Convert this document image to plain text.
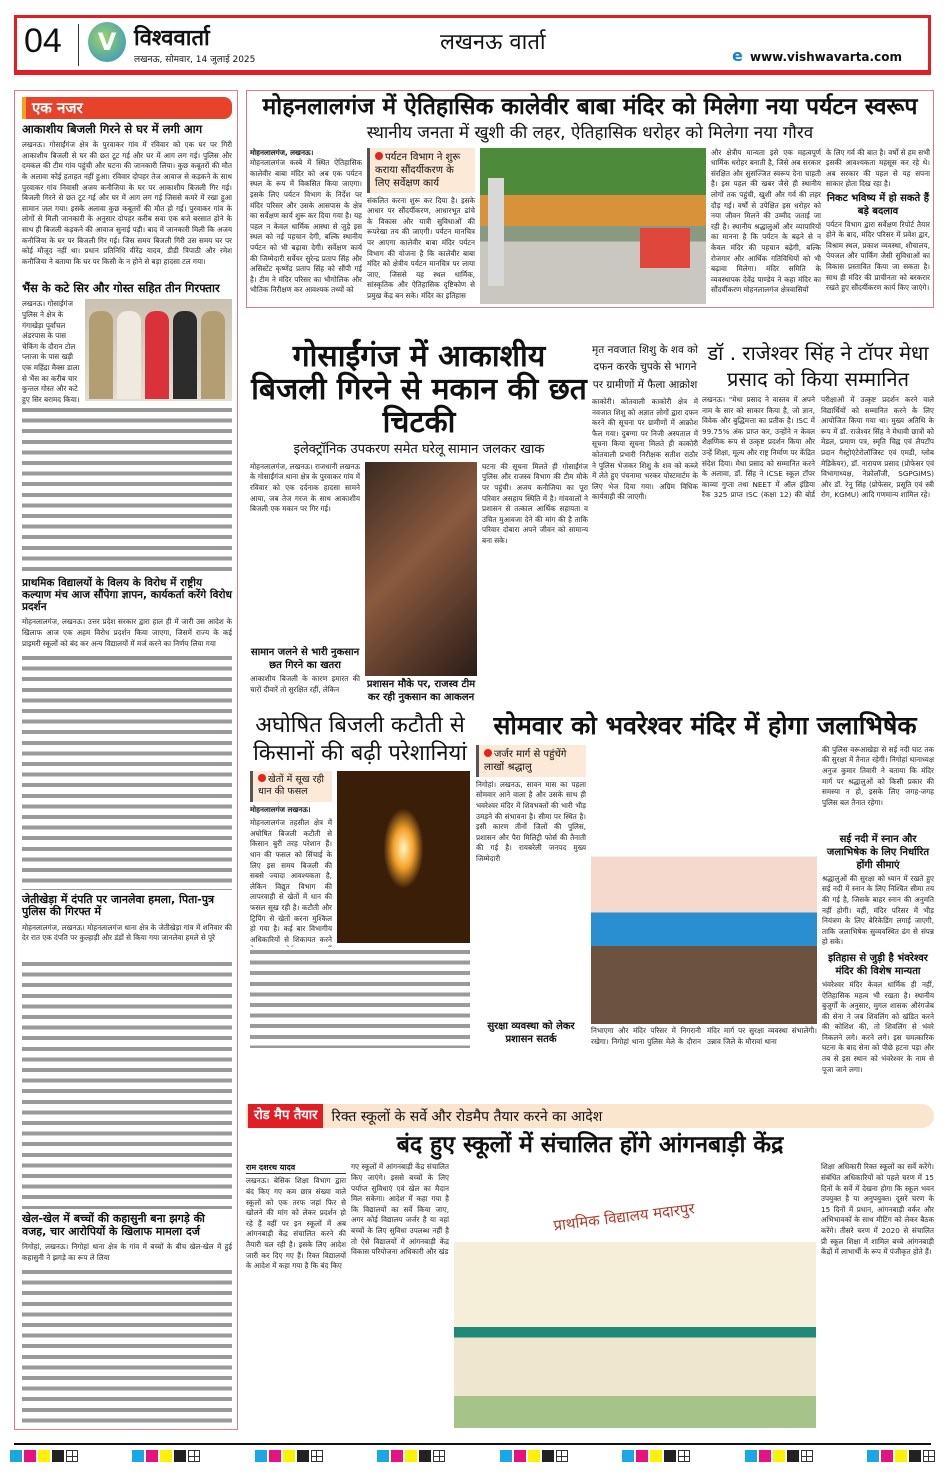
04	V विश्ववार्ता
लखनऊ, सोमवार, 14 जुलाई 2025
लखनऊ वार्ता
e www.vishwavarta.com
एक नजर
आकाशीय बिजली गिरने से घर में लगी आग
लखनऊ। गोसाईंगंज क्षेत्र के पुरवाकर गांव में रविवार को एक घर पर गिरी आकाशीय बिजली से घर की छत टूट गई और घर में आग लग गई। पुलिस और दमकल की टीम गांव पहुंची और घटना की जानकारी लिया। कुछ कबूतरों की मौत के अलावा कोई हताहत नहीं हुआ। रविवार दोपहर तेज आवाज से कड़कने के साथ पुरवाकर गांव निवासी अजय कनौजिया के घर पर आकाशीय बिजली गिर गई। बिजली गिरने से छत टूट गई और घर में आग लग गई जिससे कमरे में रखा हुआ सामान जल गया। इसके अलावा कुछ कबूतरों की मौत हो गई। पुरवाकर गांव के लोगों से मिली जानकारी के अनुसार दोपहर करीब सवा एक बजे बरसात होने के साथ ही बिजली कड़कने की आवाज सुनाई पड़ी। बाद में जानकारी मिली कि अजय कनौजिया के घर पर बिजली गिर गई। जिस समय बिजली गिरी उस समय घर पर कोई मौजूद नहीं था। प्रधान प्रतिनिधि वीरेंद्र यादव, डीडी त्रिपाठी और रमेश कनौजिया ने बताया कि घर पर किसी के न होने से बड़ा हादसा टल गया।
भैंस के कटे सिर और गोस्त सहित तीन गिरफ्तार
लखनऊ। गोसाईगंज पुलिस ने क्षेत्र के गंगाखेड़ा पूर्वांचल अंडरपास के पास चेकिंग के दौरान टोल प्लाजा के पास खड़ी एक महिंद्रा मैक्स डाला से भैंस का करीब चार कुन्तल गोस्त और कटे हुए सिर बरामद किया।
प्राथमिक विद्यालयों के विलय के विरोध में राष्ट्रीय कल्याण मंच आज सौंपेगा ज्ञापन, कार्यकर्ता करेंगे विरोध प्रदर्शन
मोहनलालगंज, लखनऊ। उत्तर प्रदेश सरकार द्वारा हाल ही में जारी उस आदेश के खिलाफ आज एक अहम विरोध प्रदर्शन किया जाएगा, जिसमें राज्य के कई प्राइमरी स्कूलों को बंद कर अन्य विद्यालयों में मर्ज करने का निर्णय लिया गया
जेतीखेड़ा में दंपति पर जानलेवा हमला, पिता-पुत्र पुलिस की गिरफ्त में
मोहनलालगंज, लखनऊ। मोहनलालगंज थाना क्षेत्र के जेतीखेड़ा गांव में शनिवार की देर रात एक दंपति पर कुल्हाड़ी और डंडों से किया गया जानलेवा हमले से पूरे
खेल-खेल में बच्चों की कहासुनी बना झगड़े की वजह, चार आरोपियों के खिलाफ मामला दर्ज
निगोहां, लखनऊ। निगोहां थाना क्षेत्र के गांव में बच्चों के बीच खेल-खेल में हुई कहासुनी ने झगड़े का रूप ले लिया
मोहनलालगंज में ऐतिहासिक कालेवीर बाबा मंदिर को मिलेगा नया पर्यटन स्वरूप
स्थानीय जनता में खुशी की लहर, ऐतिहासिक धरोहर को मिलेगा नया गौरव
मोहनलालगंज, लखनऊ।
मोहनलालगंज कस्बे में स्थित ऐतिहासिक कालेवीर बाबा मंदिर को अब एक पर्यटन स्थल के रूप में विकसित किया जाएगा। इसके लिए पर्यटन विभाग के निर्देश पर मंदिर परिसर और उसके आसपास के क्षेत्र का सर्वेक्षण कार्य शुरू कर दिया गया है। यह पहल न केवल धार्मिक आस्था से जुड़े इस स्थल को नई पहचान देगी, बल्कि स्थानीय पर्यटन को भी बढ़ावा देगी। सर्वेक्षण कार्य की जिम्मेदारी सर्वेयर सुरेन्द्र प्रताप सिंह और असिस्टेंट कृष्णेंद्र प्रताप सिंह को सौंपी गई है। टीम ने मंदिर परिसर का भौगोलिक और भौतिक निरीक्षण कर आवश्यक तथ्यों को
पर्यटन विभाग ने शुरू कराया सौंदर्यीकरण के लिए सर्वेक्षण कार्य
संकलित करना शुरू कर दिया है। इसके आधार पर सौंदर्यीकरण, आधारभूत ढांचे के विकास और यात्री सुविधाओं की रूपरेखा तय की जाएगी। पर्यटन मानचित्र पर आएगा कालेवीर बाबा मंदिर पर्यटन विभाग की योजना है कि कालेवीर बाबा मंदिर को क्षेत्रीय पर्यटन मानचित्र पर लाया जाए, जिससे यह स्थल धार्मिक, सांस्कृतिक और ऐतिहासिक दृष्टिकोण से प्रमुख केंद्र बन सके। मंदिर का इतिहास
और क्षेत्रीय मान्यता इसे एक महत्वपूर्ण धार्मिक धरोहर बनाती है, जिसे अब सरकार संरक्षित और सुसज्जित स्वरूप देना चाहती है। इस पहल की खबर जैसे ही स्थानीय लोगों तक पहुंची, खुशी और गर्व की लहर दौड़ गई। वर्षों से उपेक्षित इस धरोहर को नया जीवन मिलने की उम्मीद जताई जा रही है। स्थानीय श्रद्धालुओं और व्यापारियों का मानना है कि पर्यटन के बढ़ने से न केवल मंदिर की पहचान बढ़ेगी, बल्कि रोजगार और आर्थिक गतिविधियों को भी बढ़ावा मिलेगा। मंदिर समिति के व्यवस्थापक देवेंद्र पाण्डेय ने कहा मंदिर का सौंदर्यीकरण मोहनलालगंज क्षेत्रवासियों
के लिए गर्व की बात है। वर्षों से हम सभी इसकी आवश्यकता महसूस कर रहे थे। अब सरकार की पहल से यह सपना साकार होता दिख रहा है।
निकट भविष्य में हो सकते हैं बड़े बदलाव
पर्यटन विभाग द्वारा सर्वेक्षण रिपोर्ट तैयार होने के बाद, मंदिर परिसर में प्रवेश द्वार, विश्राम स्थल, प्रकाश व्यवस्था, शौचालय, पेयजल और पार्किंग जैसी सुविधाओं का विकास प्रस्तावित किया जा सकता है। साथ ही मंदिर की प्राचीनता को बरकरार रखते हुए सौंदर्यीकरण कार्य किए जाएंगे।
गोसाईंगंज में आकाशीय बिजली गिरने से मकान की छत चिटकी
इलेक्ट्रॉनिक उपकरण समेत घरेलू सामान जलकर खाक
मोहनलालगंज, लखनऊ। राजधानी लखनऊ के गोसाईंगंज थाना क्षेत्र के पुरवाकर गांव में रविवार को एक दर्दनाक हादसा सामने आया, जब तेज गरज के साथ आकाशीय बिजली एक मकान पर गिर गई।
सामान जलने से भारी नुकसान छत गिरने का खतरा
आकाशीय बिजली के कारण इमारत की चारों दीवारें तो सुरक्षित रहीं, लेकिन	प्रशासन मौके पर, राजस्व टीम कर रही नुकसान का आकलन
घटना की सूचना मिलते ही गोसाईंगंज पुलिस और राजस्व विभाग की टीम मौके पर पहुंची। अजय कनौजिया का पूरा परिवार असहाय स्थिति में है। गांववालों ने प्रशासन से तत्काल आर्थिक सहायता व उचित मुआवजा देने की मांग की है ताकि परिवार दोबारा अपने जीवन को सामान्य बना सके।
मृत नवजात शिशु के शव को दफन करके चुपके से भागने पर ग्रामीणों में फैला आक्रोश
काकोरी। कोतवाली काकोरी क्षेत्र में नवजात शिशु को अज्ञात लोगों द्वारा दफन करने की सूचना पर ग्रामीणों में आक्रोश फैल गया। दुबग्गा पर निजी अस्पताल में सूचना किया सूचना मिलते ही काकोरी कोतवाली प्रभारी निरीक्षक सतीश राठौर ने पुलिस भेजकर शिशु के शव को कब्जे में लेते हुए पंचनामा भरकर पोस्टमार्टम के लिए भेज दिया गया। अग्रिम विधिक कार्यवाही की जाएगी।
डॉ . राजेश्वर सिंह ने टॉपर मेधा प्रसाद को किया सम्मानित
लखनऊ। "मेधा प्रसाद ने वास्तव में अपने नाम के सार को साकार किया है, जो ज्ञान, विवेक और बुद्धिमत्ता का प्रतीक है। ISC में 99.75% अंक प्राप्त कर, उन्होंने न केवल शैक्षणिक रूप से उत्कृष्ट प्रदर्शन किया और उन्हें शिक्षा, मूल्य और राष्ट्र निर्माण पर केंद्रित संदेश दिया। मेधा प्रसाद को सम्मानित करने के अलावा, डॉ. सिंह ने ICSE स्कूल टॉपर काव्या गुप्ता तथा NEET में ऑल इंडिया रैंक 325 प्राप्त ISC (कक्षा 12) की बोर्ड परीक्षाओं में उत्कृष्ट प्रदर्शन करने वाले विद्यार्थियों को सम्मानित करने के लिए आयोजित किया गया था। मुख्य अतिथि के रूप में डॉ. राजेश्वर सिंह ने मेधावी छात्रों को मेडल, प्रमाण पत्र, स्मृति चिह्न एवं लैपटॉप प्रदान गैस्ट्रोएंटेरोलॉजिस्ट एवं एमडी, ग्लोब मेडिकेयर), डॉ. नारायण प्रसाद (प्रोफेसर एवं विभागाध्यक्ष, नेफ्रोलॉजी, SGPGIMS) और डॉ. रेनू सिंह (प्रोफेसर, प्रसूति एवं स्त्री रोग, KGMU) आदि गणमान्य शामिल रहे।
अघोषित बिजली कटौती से किसानों की बढ़ी परेशानियां
खेतों में सूख रही धान की फसल
मोहनलालगंज लखनऊ।
मोहनलालगंज तहसील क्षेत्र में अघोषित बिजली कटौती से किसान बुरी तरह परेशान हैं। धान की फसल को सिंचाई के लिए इस समय बिजली की सबसे ज्यादा आवश्यकता है, लेकिन विद्युत विभाग की लापरवाही से खेतों में धान की फसल सूख रही है। कटौती और ट्रिपिंग से खेतों करना मुश्किल हो गया है। कई बार विभागीय अधिकारियों से शिकायत करने
सोमवार को भवरेश्वर मंदिर में होगा जलाभिषेक
जर्जर मार्ग से पहुंचेंगे लाखों श्रद्धालु
निगोहां। लखनऊ, सावन मास का पहला सोमवार आने वाला है और उसके साथ ही भवरेश्वर मंदिर में शिवभक्तों की भारी भीड़ उमड़ने की संभावना है। सीमा पर स्थित है। इसी कारण तीनों जिलों की पुलिस, प्रशासन और पैरा मिलिट्री फोर्स की तैनाती की गई है। रायबरेली जनपद मुख्य जिम्मेदारी
सुरक्षा व्यवस्था को लेकर प्रशासन सतर्क
निभाएगा और मंदिर परिसर में निगरानी रखेगा। निगोहां थाना पुलिस मेले के दौरान मंदिर मार्ग पर सुरक्षा व्यवस्था संभालेगी। उन्नाव जिले के मौरावां थाना
की पुलिस वरूआखेड़ा से सई नदी घाट तक की सुरक्षा में तैनात रहेगी। निगोहां थानाध्यक्ष अनुज कुमार तिवारी ने बताया कि मंदिर मार्ग पर श्रद्धालुओं को किसी प्रकार की समस्या न हो, इसके लिए जगह-जगह पुलिस बल तैनात रहेगा।
सई नदी में स्नान और जलाभिषेक के लिए निर्धारित होंगी सीमाएं
श्रद्धालुओं की सुरक्षा को ध्यान में रखते हुए सई नदी में स्नान के लिए निश्चित सीमा तय की गई है, जिसके बाहर स्नान की अनुमति नहीं होगी। वहीं, मंदिर परिसर में भीड़ नियंत्रण के लिए बेरिकेडिंग लगाई जाएगी, ताकि जलाभिषेक सुव्यवस्थित ढंग से संपन्न हो सके।
इतिहास से जुड़ी है भंवरेश्वर मंदिर की विशेष मान्यता
भंवरेश्वर मंदिर केवल धार्मिक ही नहीं, ऐतिहासिक महत्व भी रखता है। स्थानीय बुजुर्गों के अनुसार, मुगल शासक औरंगजेब की सेना ने जब शिवलिंग को खंडित करने की कोशिश की, तो शिवलिंग से भंवरे निकलने लगे। करने लगे। इस चमत्कारिक घटना के बाद सेना को पीछे हटना पड़ा और तब से इस स्थान को भंवरेश्वर के नाम से पूजा जाने लगा।
रोड मैप तैयार	रिक्त स्कूलों के सर्वे और रोडमैप तैयार करने का आदेश
बंद हुए स्कूलों में संचालित होंगे आंगनबाड़ी केंद्र
राम दशरथ यादव
लखनऊ। बेसिक शिक्षा विभाग द्वारा बंद किए गए कम छात्र संख्या वाले स्कूलों को एक तरफ जहां फिर से खोलने की मांग को लेकर प्रदर्शन हो रहे हैं वहीं पर इन स्कूलों में अब आंगनबाड़ी केंद्र संचालित करने की तैयारी चल रही है। इसके लिए आदेश जारी कर दिए गए हैं। रिक्त विद्यालयों के आदेश में कहा गया है कि बंद किए
गए स्कूलों में आंगनबाड़ी केंद्र संचालित किए जाएंगे। इससे बच्चों के लिए पर्याप्त सुविधाएं एवं खेल का मैदान मिल सकेगा। आदेश में कहा गया है कि विद्यालयों का सर्वे किया जाए, अगर कोई विद्यालय जर्जर है या वहां बच्चों के लिए सुविधा उपलब्ध नहीं है तो ऐसे विद्यालयों में आंगनबाड़ी केंद्र विकास परियोजना अधिकारी और खंड
प्राथमिक विद्यालय मदारपुर
शिक्षा अधिकारी रिक्त स्कूलों का सर्वे करेंगे। संबंधित अधिकारियों को पहले चरण में 15 दिनों के सर्वे में देखना होगा कि स्कूल भवन उपयुक्त है या अनुपयुक्त। दूसरे चरण के 15 दिनों में प्रधान, आंगनबाड़ी वर्कर और अभिभावकों के साथ मीटिंग को लेकर बैठक करेंगे। तीसरे चरण में 2020 से संचालित प्री स्कूल शिक्षा में शामिल बच्चे आंगनबाड़ी केंद्रों में लाभार्थी के रूप में पंजीकृत होते हैं।
